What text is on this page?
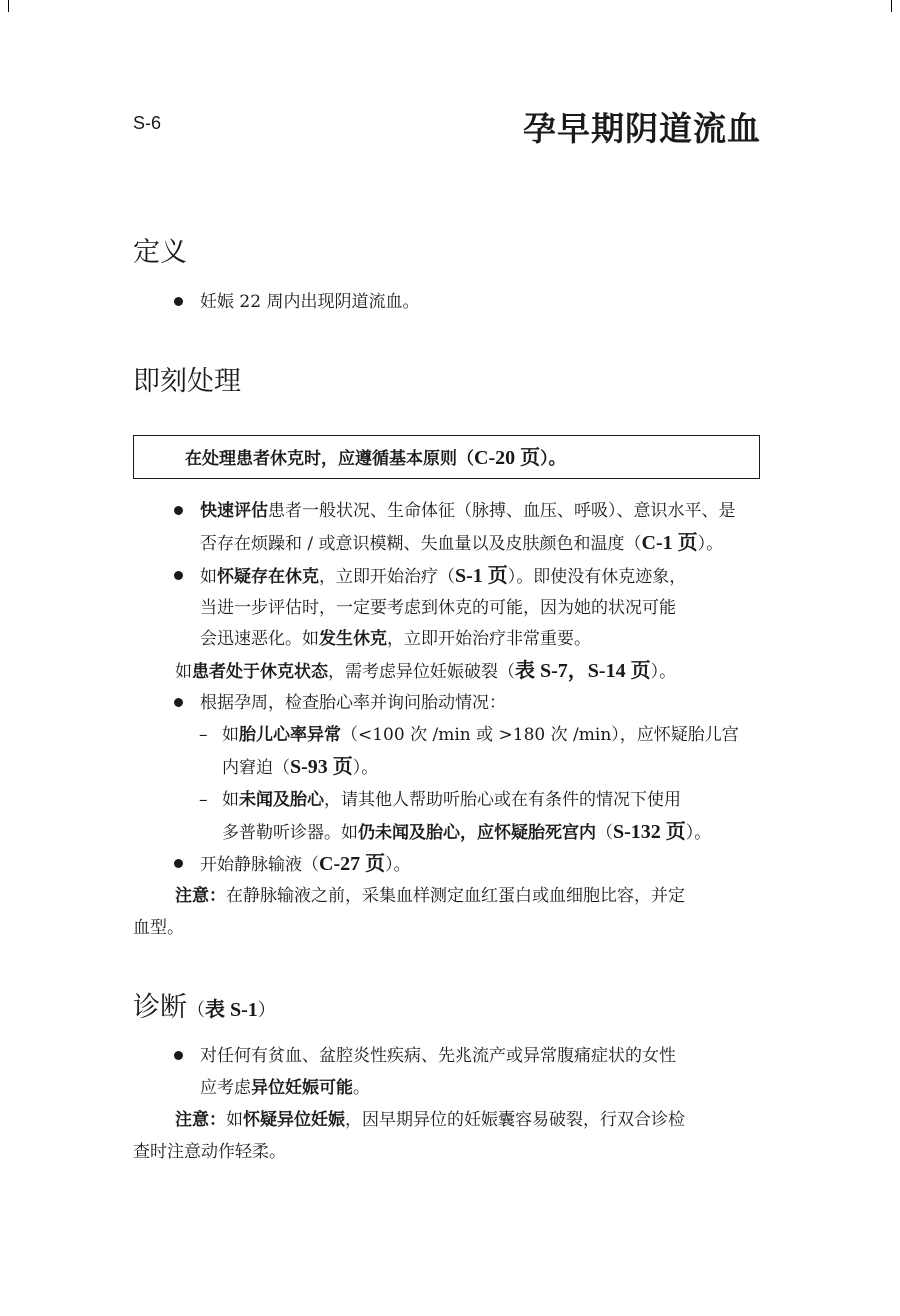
S-6	孕早期阴道流血
定义
妊娠 22 周内出现阴道流血。
即刻处理
在处理患者休克时，应遵循基本原则（C-20 页）。
快速评估患者一般状况、生命体征（脉搏、血压、呼吸）、意识水平、是
否存在烦躁和 / 或意识模糊、失血量以及皮肤颜色和温度（C-1 页）。
如怀疑存在休克，立即开始治疗（S-1 页）。即使没有休克迹象，
当进一步评估时，一定要考虑到休克的可能，因为她的状况可能
会迅速恶化。如发生休克，立即开始治疗非常重要。
如患者处于休克状态，需考虑异位妊娠破裂（表 S-7，S-14 页）。
根据孕周，检查胎心率并询问胎动情况：
– 如胎儿心率异常（<100 次 /min 或 >180 次 /min），应怀疑胎儿宫
内窘迫（S-93 页）。
– 如未闻及胎心，请其他人帮助听胎心或在有条件的情况下使用
多普勒听诊器。如仍未闻及胎心，应怀疑胎死宫内（S-132 页）。
开始静脉输液（C-27 页）。
注意：在静脉输液之前，采集血样测定血红蛋白或血细胞比容，并定
血型。
诊断（表 S-1）
对任何有贫血、盆腔炎性疾病、先兆流产或异常腹痛症状的女性
应考虑异位妊娠可能。
注意：如怀疑异位妊娠，因早期异位的妊娠囊容易破裂，行双合诊检
查时注意动作轻柔。
